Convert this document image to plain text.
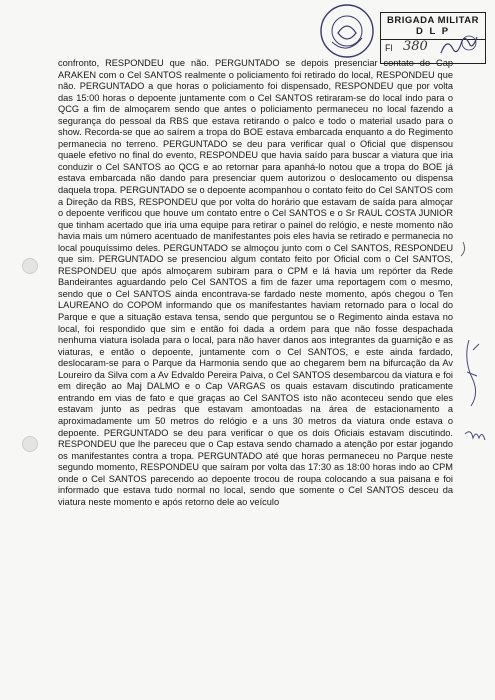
BRIGADA MILITAR
D L P
Fl 380

confronto, RESPONDEU que não. PERGUNTADO se depois presenciar contato do Cap ARAKEN com o Cel SANTOS realmente o policiamento foi retirado do local, RESPONDEU que não. PERGUNTADO a que horas o policiamento foi dispensado, RESPONDEU que por volta das 15:00 horas o depoente juntamente com o Cel SANTOS retiraram-se do local indo para o QCG a fim de almoçarem sendo que antes o policiamento permaneceu no local fazendo a segurança do pessoal da RBS que estava retirando o palco e todo o material usado para o show. Recorda-se que ao saírem a tropa do BOE estava embarcada enquanto a do Regimento permanecia no terreno. PERGUNTADO se deu para verificar qual o Oficial que dispensou quaele efetivo no final do evento, RESPONDEU que havia saído para buscar a viatura que iria conduzir o Cel SANTOS ao QCG e ao retornar para apanhá-lo notou que a tropa do BOE já estava embarcada não dando para presenciar quem autorizou o deslocamento ou dispensa daquela tropa. PERGUNTADO se o depoente acompanhou o contato feito do Cel SANTOS com a Direção da RBS, RESPONDEU que por volta do horário que estavam de saída para almoçar o depoente verificou que houve um contato entre o Cel SANTOS e o Sr RAUL COSTA JUNIOR que tinham acertado que iria uma equipe para retirar o painel do relógio, e neste momento não havia mais um número acentuado de manifestantes pois eles havia se retirado e permanecia no local pouquíssimo deles. PERGUNTADO se almoçou junto com o Cel SANTOS, RESPONDEU que sim. PERGUNTADO se presenciou algum contato feito por Oficial com o Cel SANTOS, RESPONDEU que após almoçarem subiram para o CPM e lá havia um repórter da Rede Bandeirantes aguardando pelo Cel SANTOS a fim de fazer uma reportagem com o mesmo, sendo que o Cel SANTOS ainda encontrava-se fardado neste momento, após chegou o Ten LAUREANO do COPOM informando que os manifestantes haviam retornado para o local do Parque e que a situação estava tensa, sendo que perguntou se o Regimento ainda estava no local, foi respondido que sim e então foi dada a ordem para que não fosse despachada nenhuma viatura isolada para o local, para não haver danos aos integrantes da guarnição e as viaturas, e então o depoente, juntamente com o Cel SANTOS, e este ainda fardado, deslocaram-se para o Parque da Harmonia sendo que ao chegarem bem na bifurcação da Av Loureiro da Silva com a Av Edvaldo Pereira Paiva, o Cel SANTOS desembarcou da viatura e foi em direção ao Maj DALMO e o Cap VARGAS os quais estavam discutindo praticamente entrando em vias de fato e que graças ao Cel SANTOS isto não aconteceu sendo que eles estavam junto as pedras que estavam amontoadas na área de estacionamento a aproximadamente um 50 metros do relógio e a uns 30 metros da viatura onde estava o depoente. PERGUNTADO se deu para verificar o que os dois Oficiais estavam discutindo. RESPONDEU que lhe pareceu que o Cap estava sendo chamado a atenção por estar jogando os manifestantes contra a tropa. PERGUNTADO até que horas permaneceu no Parque neste segundo momento, RESPONDEU que saíram por volta das 17:30 as 18:00 horas indo ao CPM onde o Cel SANTOS parecendo ao depoente trocou de roupa colocando a sua paisana e foi informado que estava tudo normal no local, sendo que somente o Cel SANTOS desceu da viatura neste momento e após retorno dele ao veículo
